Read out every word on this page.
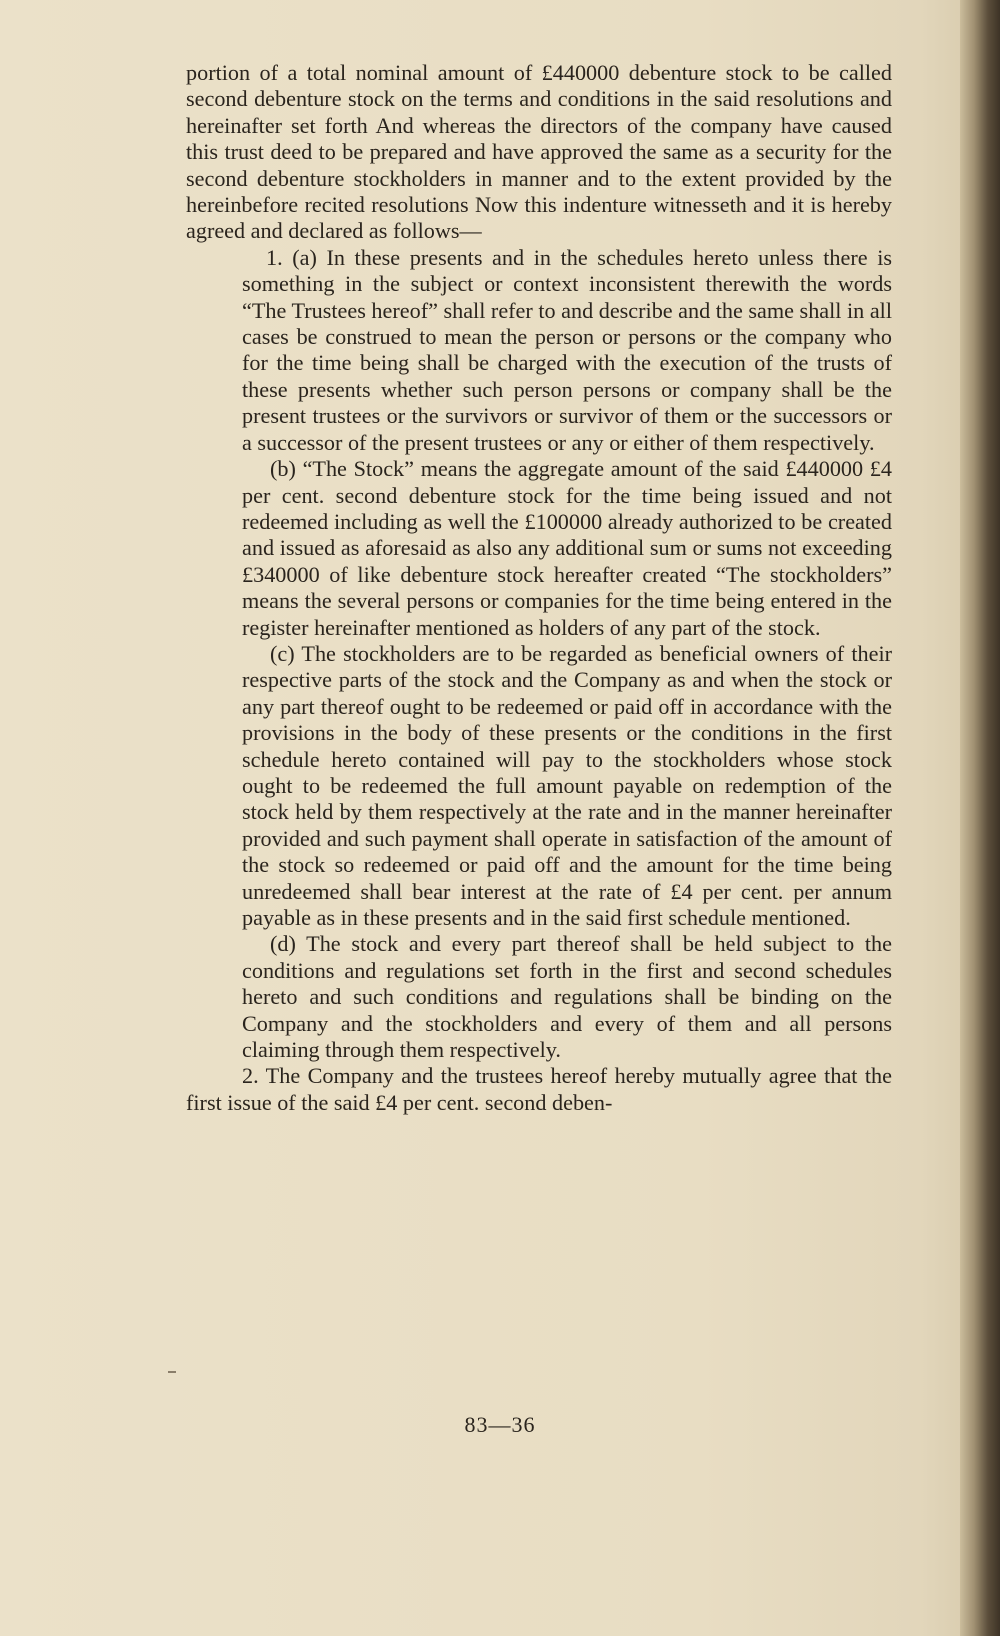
portion of a total nominal amount of £440000 debenture stock to be called second debenture stock on the terms and conditions in the said resolutions and hereinafter set forth And whereas the directors of the company have caused this trust deed to be prepared and have approved the same as a security for the second debenture stockholders in manner and to the extent provided by the hereinbefore recited resolutions Now this indenture witnesseth and it is hereby agreed and declared as follows—

1. (a) In these presents and in the schedules hereto unless there is something in the subject or context inconsistent therewith the words “The Trustees hereof” shall refer to and describe and the same shall in all cases be construed to mean the person or persons or the company who for the time being shall be charged with the execution of the trusts of these presents whether such person persons or company shall be the present trustees or the survivors or survivor of them or the successors or a successor of the present trustees or any or either of them respectively.

(b) “The Stock” means the aggregate amount of the said £440000 £4 per cent. second debenture stock for the time being issued and not redeemed including as well the £100000 already authorized to be created and issued as aforesaid as also any additional sum or sums not exceeding £340000 of like debenture stock hereafter created “The stockholders” means the several persons or companies for the time being entered in the register hereinafter mentioned as holders of any part of the stock.

(c) The stockholders are to be regarded as beneficial owners of their respective parts of the stock and the Company as and when the stock or any part thereof ought to be redeemed or paid off in accordance with the provisions in the body of these presents or the conditions in the first schedule hereto contained will pay to the stockholders whose stock ought to be redeemed the full amount payable on redemption of the stock held by them respectively at the rate and in the manner hereinafter provided and such payment shall operate in satisfaction of the amount of the stock so redeemed or paid off and the amount for the time being unredeemed shall bear interest at the rate of £4 per cent. per annum payable as in these presents and in the said first schedule mentioned.

(d) The stock and every part thereof shall be held subject to the conditions and regulations set forth in the first and second schedules hereto and such conditions and regulations shall be binding on the Company and the stockholders and every of them and all persons claiming through them respectively.

2. The Company and the trustees hereof hereby mutually agree that the first issue of the said £4 per cent. second deben-

83—36
